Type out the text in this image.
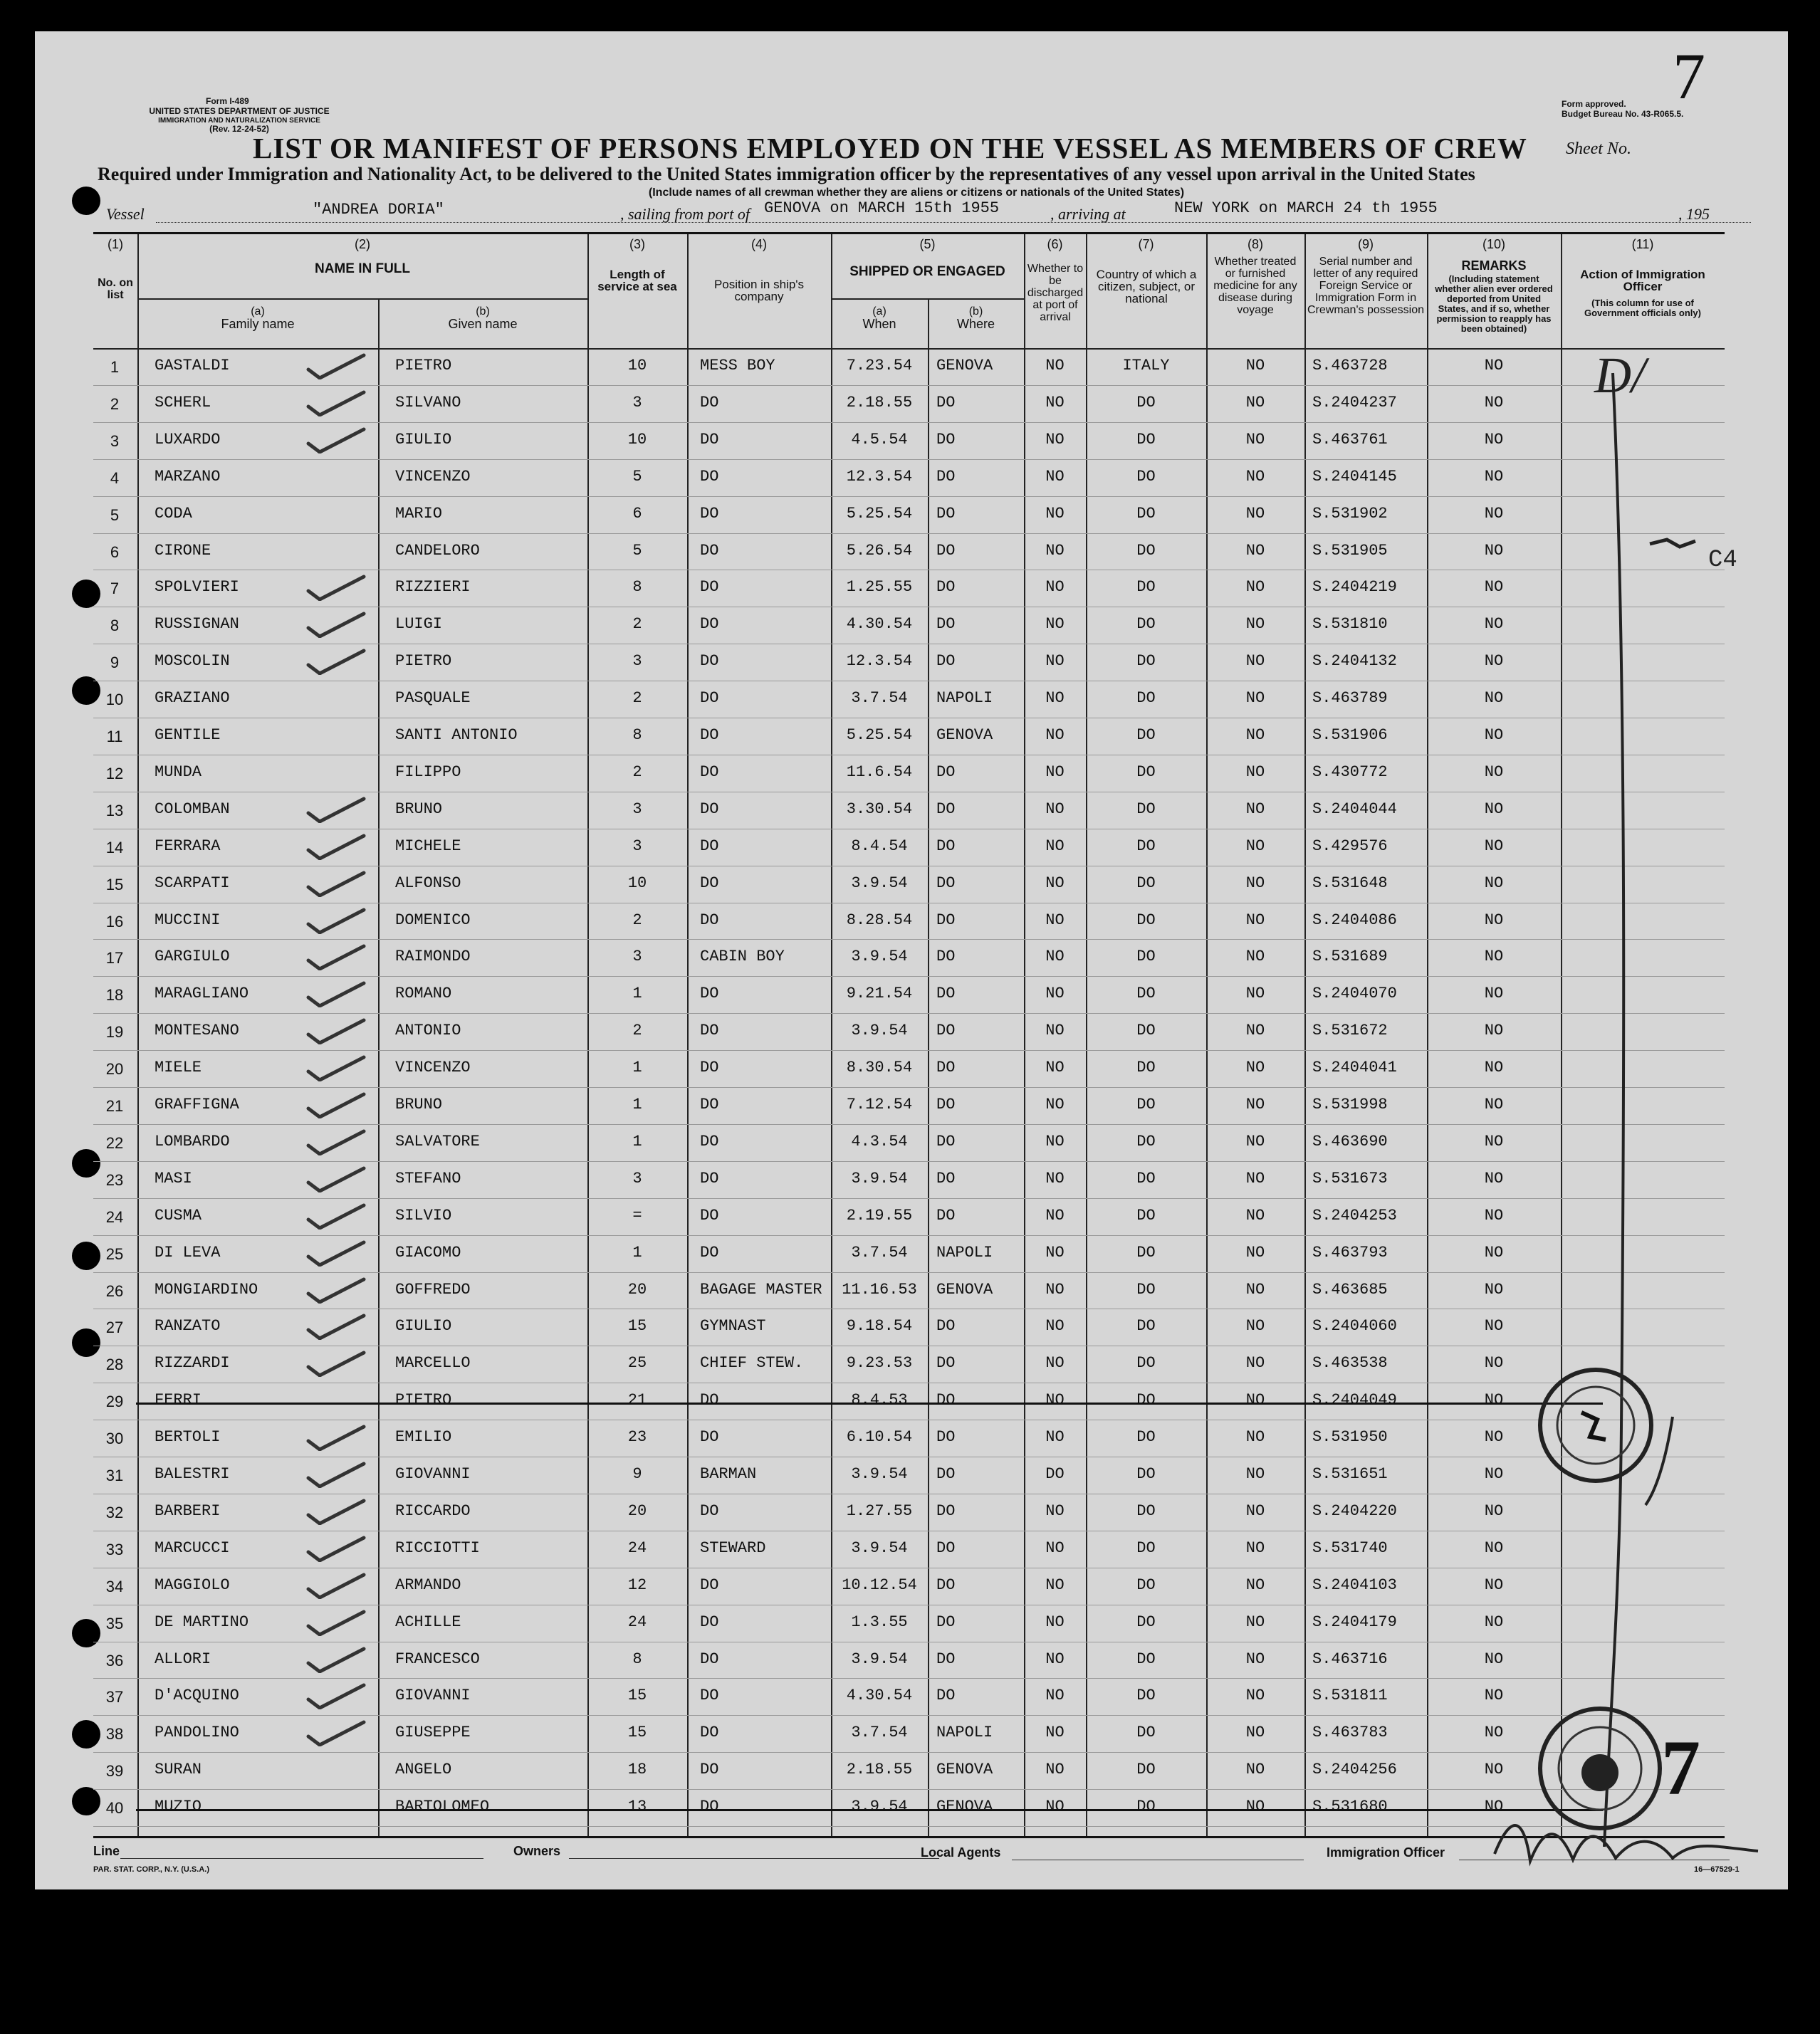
Form I-489
UNITED STATES DEPARTMENT OF JUSTICE
IMMIGRATION AND NATURALIZATION SERVICE
(Rev. 12-24-52)
Form approved.
Budget Bureau No. 43-R065.5.
7
LIST OR MANIFEST OF PERSONS EMPLOYED ON THE VESSEL AS MEMBERS OF CREW Sheet No.
Required under Immigration and Nationality Act, to be delivered to the United States immigration officer by the representatives of any vessel upon arrival in the United States
(Include names of all crewman whether they are aliens or citizens or nationals of the United States)
Vessel	"ANDREA DORIA"	, sailing from port of GENOVA on MARCH 15th 1955	, arriving at	NEW YORK on MARCH 24 th 1955	, 195
(1)	(2)	(3)	(4)	(5)	(6)	(7)	(8)	(9)	(10)	(11)
No. on list
NAME IN FULL
(a)
Family name
(b)
Given name
Length of service at sea	Position in ship's company
SHIPPED OR ENGAGED
(a)
When
(b)
Where
Whether to be discharged at port of arrival
Country of which a citizen, subject, or national
Whether treated or furnished medicine for any disease during voyage
Serial number and letter of any required Foreign Service or Immigration Form in Crewman's possession
REMARKS
(Including statement whether alien ever ordered deported from United States, and if so, whether permission to reapply has been obtained)
Action of Immigration Officer
(This column for use of Government officials only)
1	GASTALDI	PIETRO	10	MESS BOY	7.23.54	GENOVA	NO	ITALY	NO	S.463728	NO
2	SCHERL	SILVANO	3	DO	2.18.55	DO	NO	DO	NO	S.2404237	NO
3	LUXARDO	GIULIO	10	DO	4.5.54	DO	NO	DO	NO	S.463761	NO
4	MARZANO	VINCENZO	5	DO	12.3.54	DO	NO	DO	NO	S.2404145	NO
5	CODA	MARIO	6	DO	5.25.54	DO	NO	DO	NO	S.531902	NO
6	CIRONE	CANDELORO	5	DO	5.26.54	DO	NO	DO	NO	S.531905	NO
7	SPOLVIERI	RIZZIERI	8	DO	1.25.55	DO	NO	DO	NO	S.2404219	NO
8	RUSSIGNAN	LUIGI	2	DO	4.30.54	DO	NO	DO	NO	S.531810	NO
9	MOSCOLIN	PIETRO	3	DO	12.3.54	DO	NO	DO	NO	S.2404132	NO
10	GRAZIANO	PASQUALE	2	DO	3.7.54	NAPOLI	NO	DO	NO	S.463789	NO
11	GENTILE	SANTI ANTONIO	8	DO	5.25.54	GENOVA	NO	DO	NO	S.531906	NO
12	MUNDA	FILIPPO	2	DO	11.6.54	DO	NO	DO	NO	S.430772	NO
13	COLOMBAN	BRUNO	3	DO	3.30.54	DO	NO	DO	NO	S.2404044	NO
14	FERRARA	MICHELE	3	DO	8.4.54	DO	NO	DO	NO	S.429576	NO
15	SCARPATI	ALFONSO	10	DO	3.9.54	DO	NO	DO	NO	S.531648	NO
16	MUCCINI	DOMENICO	2	DO	8.28.54	DO	NO	DO	NO	S.2404086	NO
17	GARGIULO	RAIMONDO	3	CABIN BOY	3.9.54	DO	NO	DO	NO	S.531689	NO
18	MARAGLIANO	ROMANO	1	DO	9.21.54	DO	NO	DO	NO	S.2404070	NO
19	MONTESANO	ANTONIO	2	DO	3.9.54	DO	NO	DO	NO	S.531672	NO
20	MIELE	VINCENZO	1	DO	8.30.54	DO	NO	DO	NO	S.2404041	NO
21	GRAFFIGNA	BRUNO	1	DO	7.12.54	DO	NO	DO	NO	S.531998	NO
22	LOMBARDO	SALVATORE	1	DO	4.3.54	DO	NO	DO	NO	S.463690	NO
23	MASI	STEFANO	3	DO	3.9.54	DO	NO	DO	NO	S.531673	NO
24	CUSMA	SILVIO	=	DO	2.19.55	DO	NO	DO	NO	S.2404253	NO
25	DI LEVA	GIACOMO	1	DO	3.7.54	NAPOLI	NO	DO	NO	S.463793	NO
26	MONGIARDINO	GOFFREDO	20	BAGAGE MASTER	11.16.53	GENOVA	NO	DO	NO	S.463685	NO
27	RANZATO	GIULIO	15	GYMNAST	9.18.54	DO	NO	DO	NO	S.2404060	NO
28	RIZZARDI	MARCELLO	25	CHIEF STEW.	9.23.53	DO	NO	DO	NO	S.463538	NO
29	FERRI	PIETRO	21	DO	8.4.53	DO	NO	DO	NO	S.2404049	NO
30	BERTOLI	EMILIO	23	DO	6.10.54	DO	NO	DO	NO	S.531950	NO
31	BALESTRI	GIOVANNI	9	BARMAN	3.9.54	DO	DO	DO	NO	S.531651	NO
32	BARBERI	RICCARDO	20	DO	1.27.55	DO	NO	DO	NO	S.2404220	NO
33	MARCUCCI	RICCIOTTI	24	STEWARD	3.9.54	DO	NO	DO	NO	S.531740	NO
34	MAGGIOLO	ARMANDO	12	DO	10.12.54	DO	NO	DO	NO	S.2404103	NO
35	DE MARTINO	ACHILLE	24	DO	1.3.55	DO	NO	DO	NO	S.2404179	NO
36	ALLORI	FRANCESCO	8	DO	3.9.54	DO	NO	DO	NO	S.463716	NO
37	D'ACQUINO	GIOVANNI	15	DO	4.30.54	DO	NO	DO	NO	S.531811	NO
38	PANDOLINO	GIUSEPPE	15	DO	3.7.54	NAPOLI	NO	DO	NO	S.463783	NO
39	SURAN	ANGELO	18	DO	2.18.55	GENOVA	NO	DO	NO	S.2404256	NO
40	MUZIO	BARTOLOMEO	13	DO	3.9.54	GENOVA	NO	DO	NO	S.531680	NO
D/
C4
7
Line	Owners	Local Agents	Immigration Officer
PAR. STAT. CORP., N.Y. (U.S.A.)	16—67529-1
